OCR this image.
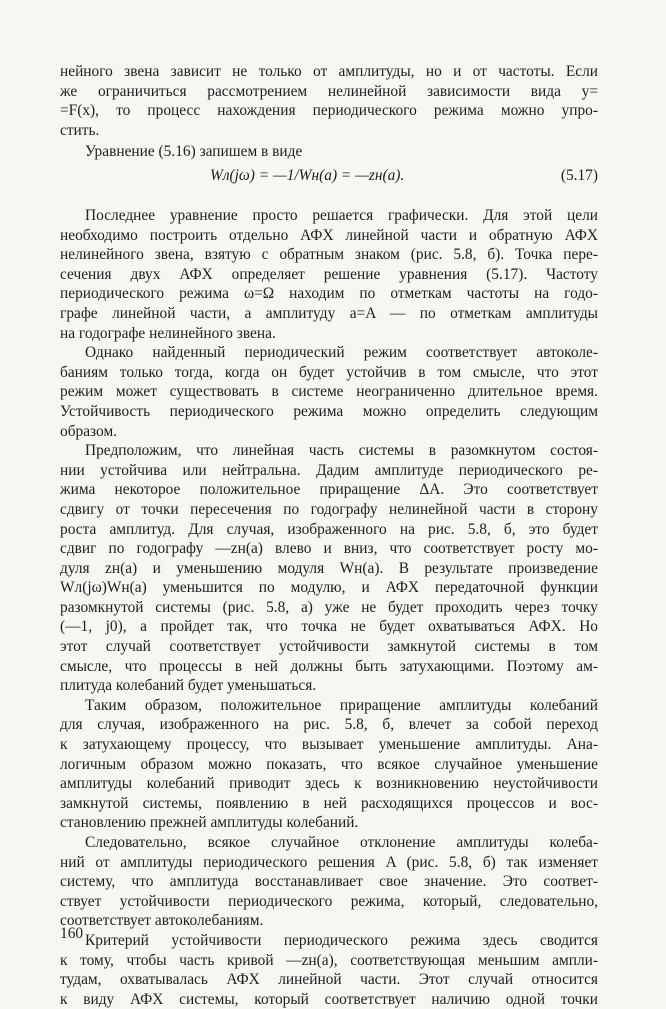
нейного звена зависит не только от амплитуды, но и от частоты. Если
же ограничиться рассмотрением нелинейной зависимости вида y=
=F(x), то процесс нахождения периодического режима можно упро-
стить.
Уравнение (5.16) запишем в виде
Wл(jω) = —1/Wн(a) = —zн(a).	(5.17)
Последнее уравнение просто решается графически. Для этой цели
необходимо построить отдельно АФХ линейной части и обратную АФХ
нелинейного звена, взятую с обратным знаком (рис. 5.8, б). Точка пере-
сечения двух АФХ определяет решение уравнения (5.17). Частоту
периодического режима ω=Ω находим по отметкам частоты на годо-
графе линейной части, а амплитуду a=A — по отметкам амплитуды
на годографе нелинейного звена.
Однако найденный периодический режим соответствует автоколе-
баниям только тогда, когда он будет устойчив в том смысле, что этот
режим может существовать в системе неограниченно длительное время.
Устойчивость периодического режима можно определить следующим
образом.
Предположим, что линейная часть системы в разомкнутом состоя-
нии устойчива или нейтральна. Дадим амплитуде периодического ре-
жима некоторое положительное приращение ΔA. Это соответствует
сдвигу от точки пересечения по годографу нелинейной части в сторону
роста амплитуд. Для случая, изображенного на рис. 5.8, б, это будет
сдвиг по годографу —zн(a) влево и вниз, что соответствует росту мо-
дуля zн(a) и уменьшению модуля Wн(a). В результате произведение
Wл(jω)Wн(a) уменьшится по модулю, и АФХ передаточной функции
разомкнутой системы (рис. 5.8, а) уже не будет проходить через точку
(—1, j0), а пройдет так, что точка не будет охватываться АФХ. Но
этот случай соответствует устойчивости замкнутой системы в том
смысле, что процессы в ней должны быть затухающими. Поэтому ам-
плитуда колебаний будет уменьшаться.
Таким образом, положительное приращение амплитуды колебаний
для случая, изображенного на рис. 5.8, б, влечет за собой переход
к затухающему процессу, что вызывает уменьшение амплитуды. Ана-
логичным образом можно показать, что всякое случайное уменьшение
амплитуды колебаний приводит здесь к возникновению неустойчивости
замкнутой системы, появлению в ней расходящихся процессов и вос-
становлению прежней амплитуды колебаний.
Следовательно, всякое случайное отклонение амплитуды колеба-
ний от амплитуды периодического решения A (рис. 5.8, б) так изменяет
систему, что амплитуда восстанавливает свое значение. Это соответ-
ствует устойчивости периодического режима, который, следовательно,
соответствует автоколебаниям.
Критерий устойчивости периодического режима здесь сводится
к тому, чтобы часть кривой —zн(a), соответствующая меньшим ампли-
тудам, охватывалась АФХ линейной части. Этот случай относится
к виду АФХ системы, который соответствует наличию одной точки
160
